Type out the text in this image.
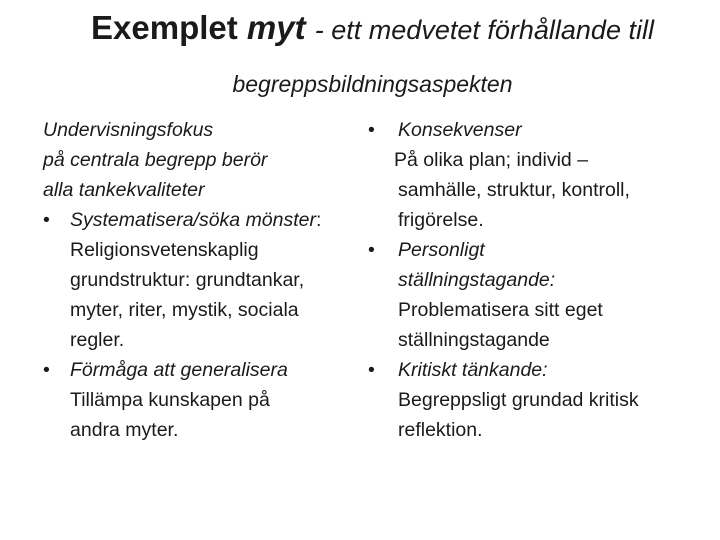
Exemplet myt - ett medvetet förhållande till
begreppsbildningsaspekten
Undervisningsfokus
på centrala begrepp berör
alla tankekvaliteter
•	Systematisera/söka mönster:
Religionsvetenskaplig
grundstruktur: grundtankar,
myter, riter, mystik, sociala
regler.
•	Förmåga att generalisera
Tillämpa kunskapen på
andra myter.
•	Konsekvenser
På olika plan; individ –
samhälle, struktur, kontroll,
frigörelse.
•	Personligt
ställningstagande:
Problematisera sitt eget
ställningstagande
•	Kritiskt tänkande:
Begreppsligt grundad kritisk
reflektion.
